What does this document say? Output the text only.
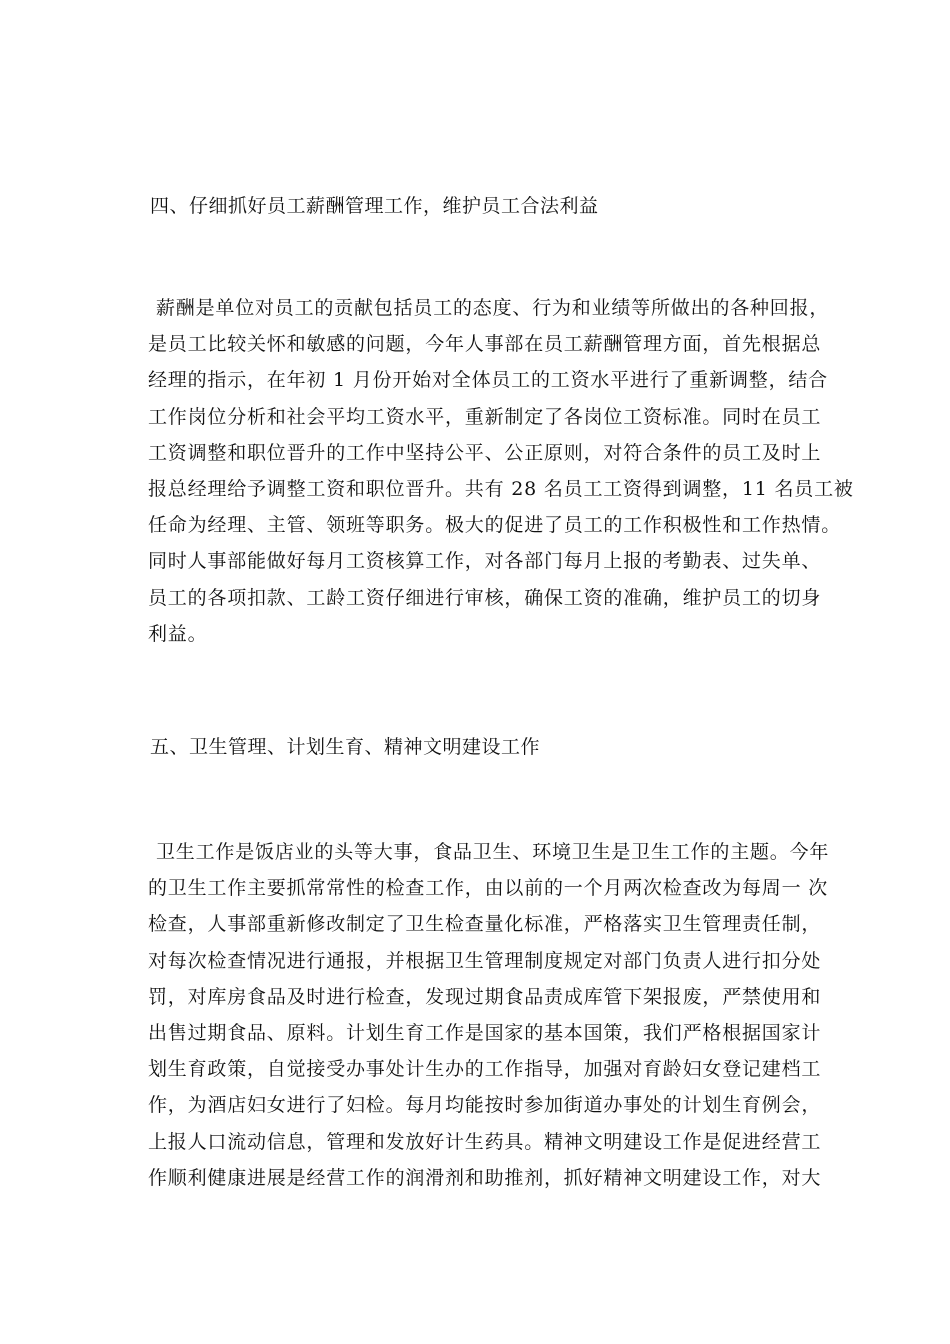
四、仔细抓好员工薪酬管理工作，维护员工合法利益
薪酬是单位对员工的贡献包括员工的态度、行为和业绩等所做出的各种回报，
是员工比较关怀和敏感的问题，今年人事部在员工薪酬管理方面，首先根据总
经理的指示，在年初 1 月份开始对全体员工的工资水平进行了重新调整，结合
工作岗位分析和社会平均工资水平，重新制定了各岗位工资标准。同时在员工
工资调整和职位晋升的工作中坚持公平、公正原则，对符合条件的员工及时上
报总经理给予调整工资和职位晋升。共有 28 名员工工资得到调整，11 名员工被
任命为经理、主管、领班等职务。极大的促进了员工的工作积极性和工作热情。
同时人事部能做好每月工资核算工作，对各部门每月上报的考勤表、过失单、
员工的各项扣款、工龄工资仔细进行审核，确保工资的准确，维护员工的切身
利益。
五、卫生管理、计划生育、精神文明建设工作
卫生工作是饭店业的头等大事，食品卫生、环境卫生是卫生工作的主题。今年
的卫生工作主要抓常常性的检查工作，由以前的一个月两次检查改为每周一 次
检查，人事部重新修改制定了卫生检查量化标准，严格落实卫生管理责任制，
对每次检查情况进行通报，并根据卫生管理制度规定对部门负责人进行扣分处
罚，对库房食品及时进行检查，发现过期食品责成库管下架报废，严禁使用和
出售过期食品、原料。计划生育工作是国家的基本国策，我们严格根据国家计
划生育政策，自觉接受办事处计生办的工作指导，加强对育龄妇女登记建档工
作，为酒店妇女进行了妇检。每月均能按时参加街道办事处的计划生育例会，
上报人口流动信息，管理和发放好计生药具。精神文明建设工作是促进经营工
作顺利健康进展是经营工作的润滑剂和助推剂，抓好精神文明建设工作，对大
